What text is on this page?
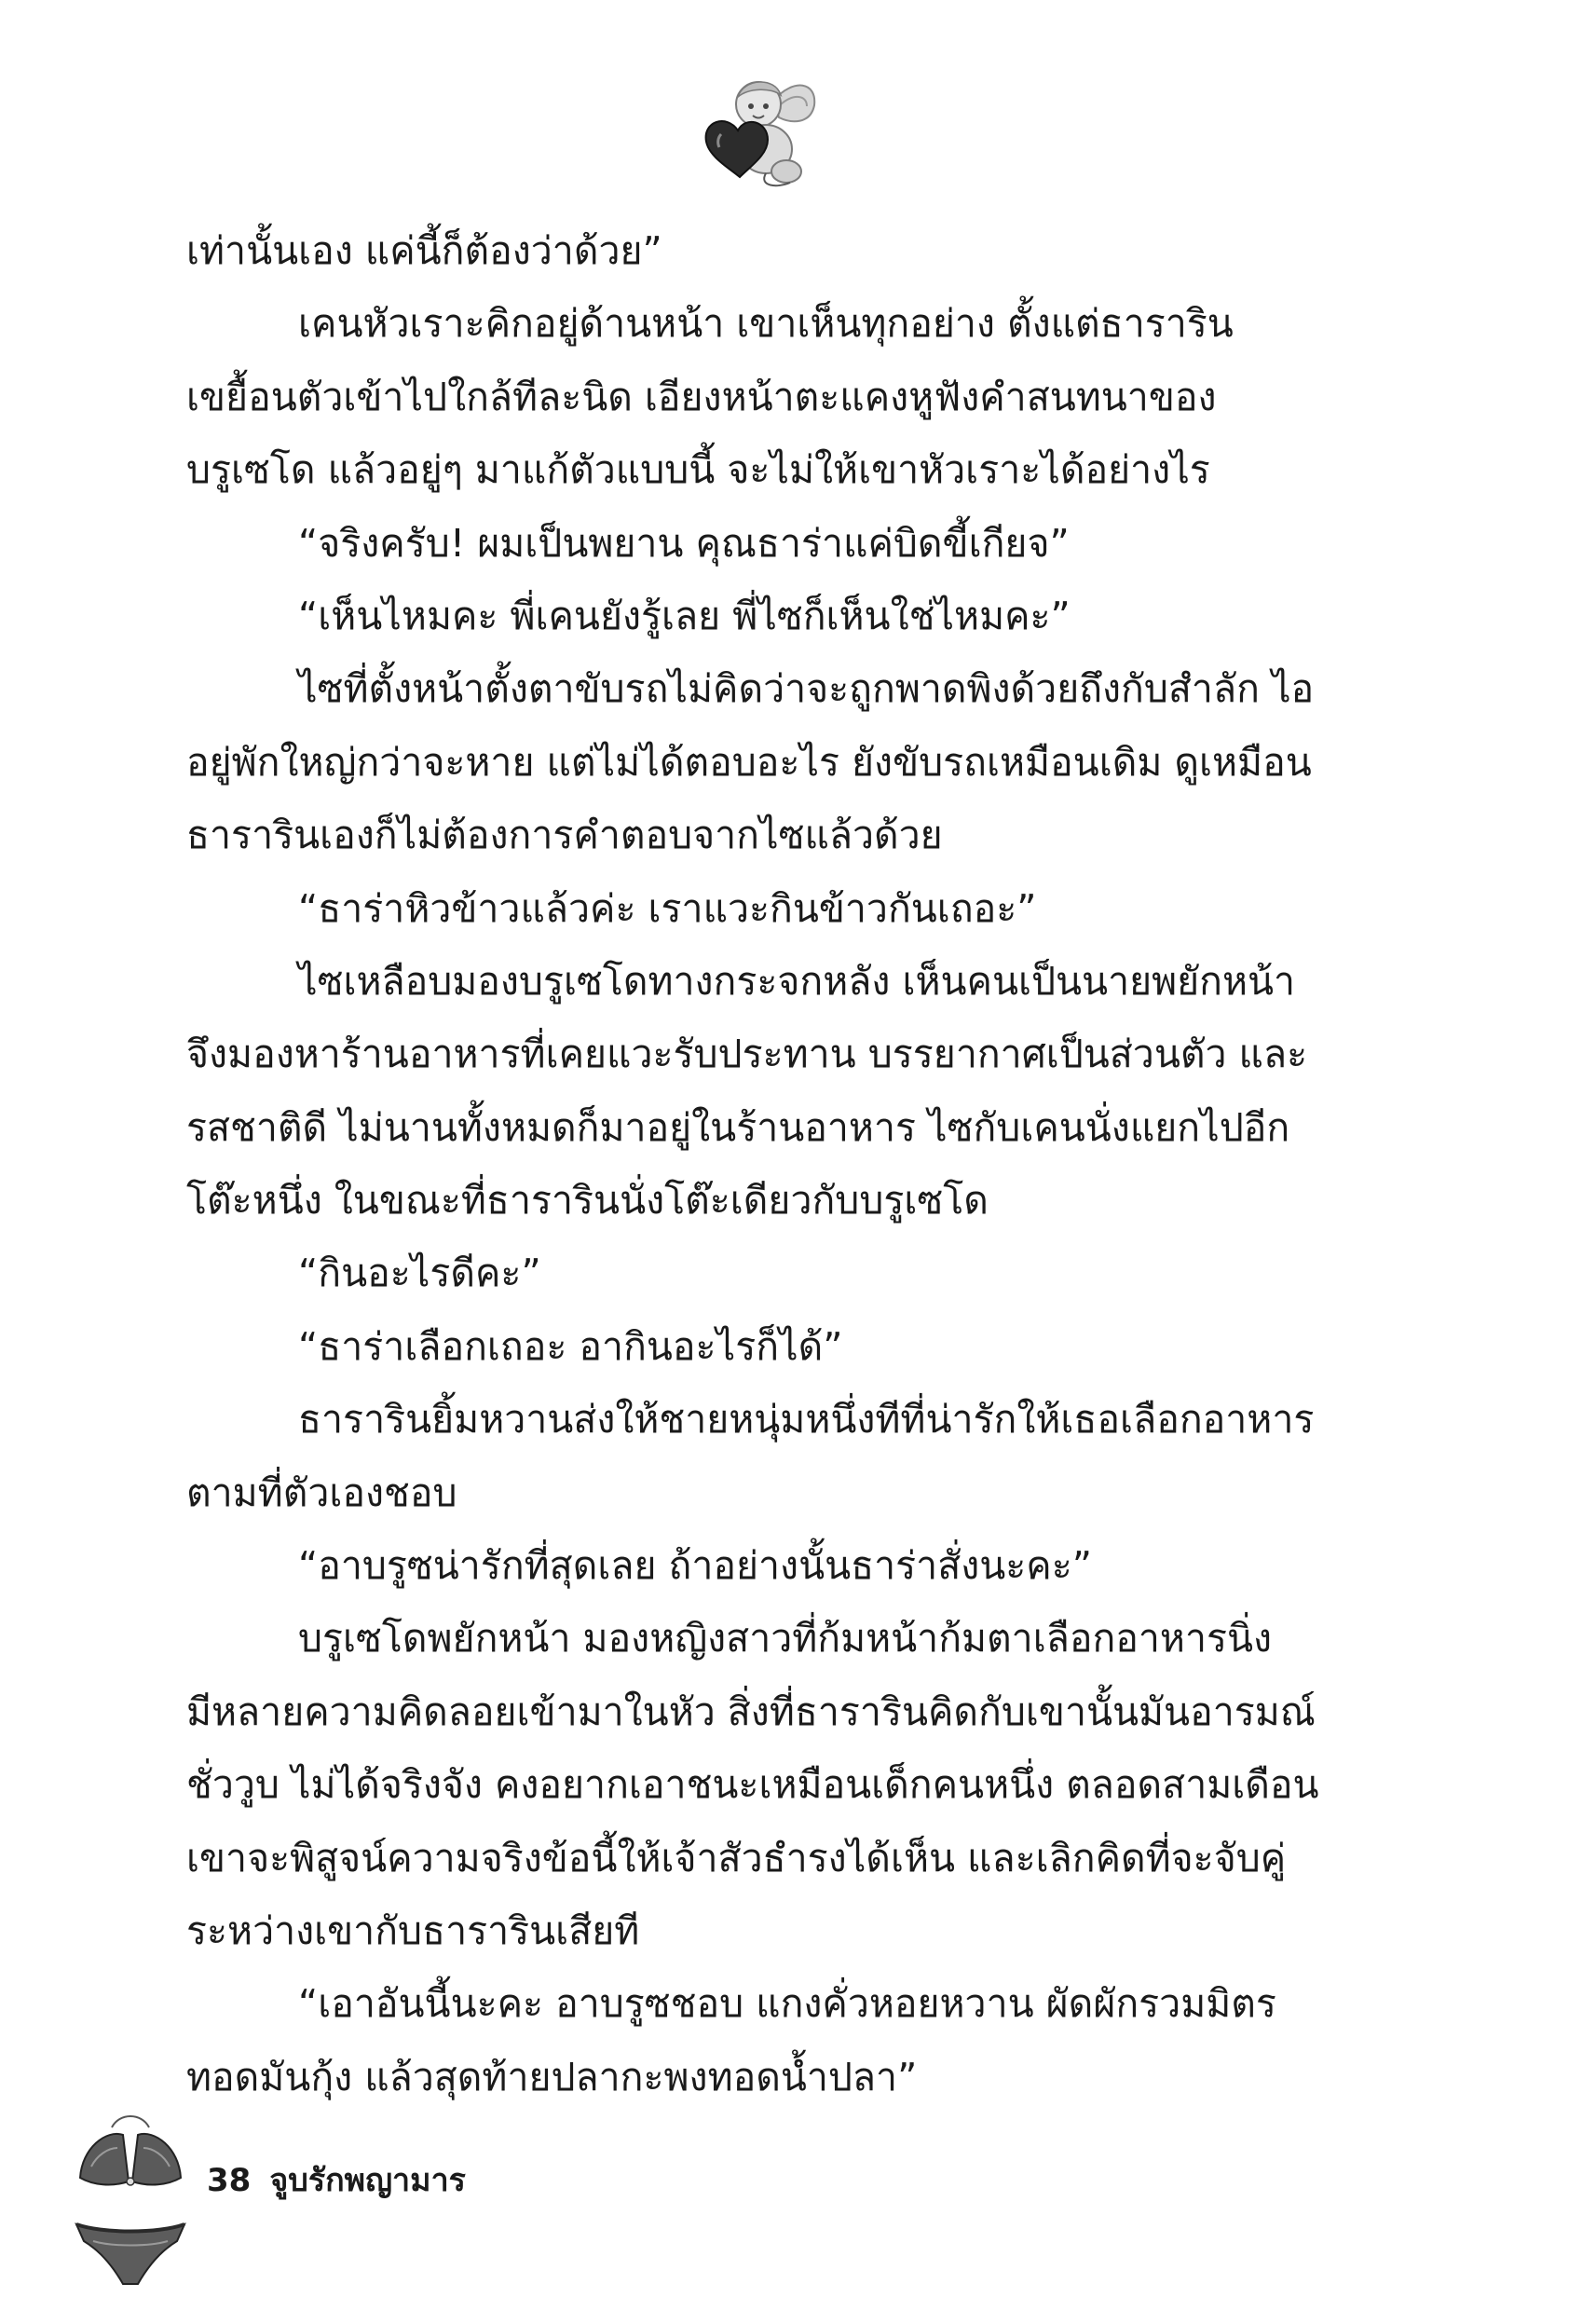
เท่านั้นเอง แค่นี้ก็ต้องว่าด้วย”
เคนหัวเราะคิกอยู่ด้านหน้า เขาเห็นทุกอย่าง ตั้งแต่ธาราริน
เขยื้อนตัวเข้าไปใกล้ทีละนิด เอียงหน้าตะแคงหูฟังคำสนทนาของ
บรูเซโด แล้วอยู่ๆ มาแก้ตัวแบบนี้ จะไม่ให้เขาหัวเราะได้อย่างไร
“จริงครับ! ผมเป็นพยาน คุณธาร่าแค่บิดขี้เกียจ”
“เห็นไหมคะ พี่เคนยังรู้เลย พี่ไซก็เห็นใช่ไหมคะ”
ไซที่ตั้งหน้าตั้งตาขับรถไม่คิดว่าจะถูกพาดพิงด้วยถึงกับสำลัก ไอ
อยู่พักใหญ่กว่าจะหาย แต่ไม่ได้ตอบอะไร ยังขับรถเหมือนเดิม ดูเหมือน
ธารารินเองก็ไม่ต้องการคำตอบจากไซแล้วด้วย
“ธาร่าหิวข้าวแล้วค่ะ เราแวะกินข้าวกันเถอะ”
ไซเหลือบมองบรูเซโดทางกระจกหลัง เห็นคนเป็นนายพยักหน้า
จึงมองหาร้านอาหารที่เคยแวะรับประทาน บรรยากาศเป็นส่วนตัว และ
รสชาติดี ไม่นานทั้งหมดก็มาอยู่ในร้านอาหาร ไซกับเคนนั่งแยกไปอีก
โต๊ะหนึ่ง ในขณะที่ธารารินนั่งโต๊ะเดียวกับบรูเซโด
“กินอะไรดีคะ”
“ธาร่าเลือกเถอะ อากินอะไรก็ได้”
ธารารินยิ้มหวานส่งให้ชายหนุ่มหนึ่งทีที่น่ารักให้เธอเลือกอาหาร
ตามที่ตัวเองชอบ
“อาบรูซน่ารักที่สุดเลย ถ้าอย่างนั้นธาร่าสั่งนะคะ”
บรูเซโดพยักหน้า มองหญิงสาวที่ก้มหน้าก้มตาเลือกอาหารนิ่ง
มีหลายความคิดลอยเข้ามาในหัว สิ่งที่ธารารินคิดกับเขานั้นมันอารมณ์
ชั่ววูบ ไม่ได้จริงจัง คงอยากเอาชนะเหมือนเด็กคนหนึ่ง ตลอดสามเดือน
เขาจะพิสูจน์ความจริงข้อนี้ให้เจ้าสัวธำรงได้เห็น และเลิกคิดที่จะจับคู่
ระหว่างเขากับธารารินเสียที
“เอาอันนี้นะคะ อาบรูซชอบ แกงคั่วหอยหวาน ผัดผักรวมมิตร
ทอดมันกุ้ง แล้วสุดท้ายปลากะพงทอดน้ำปลา”
38 จูบรักพญามาร
